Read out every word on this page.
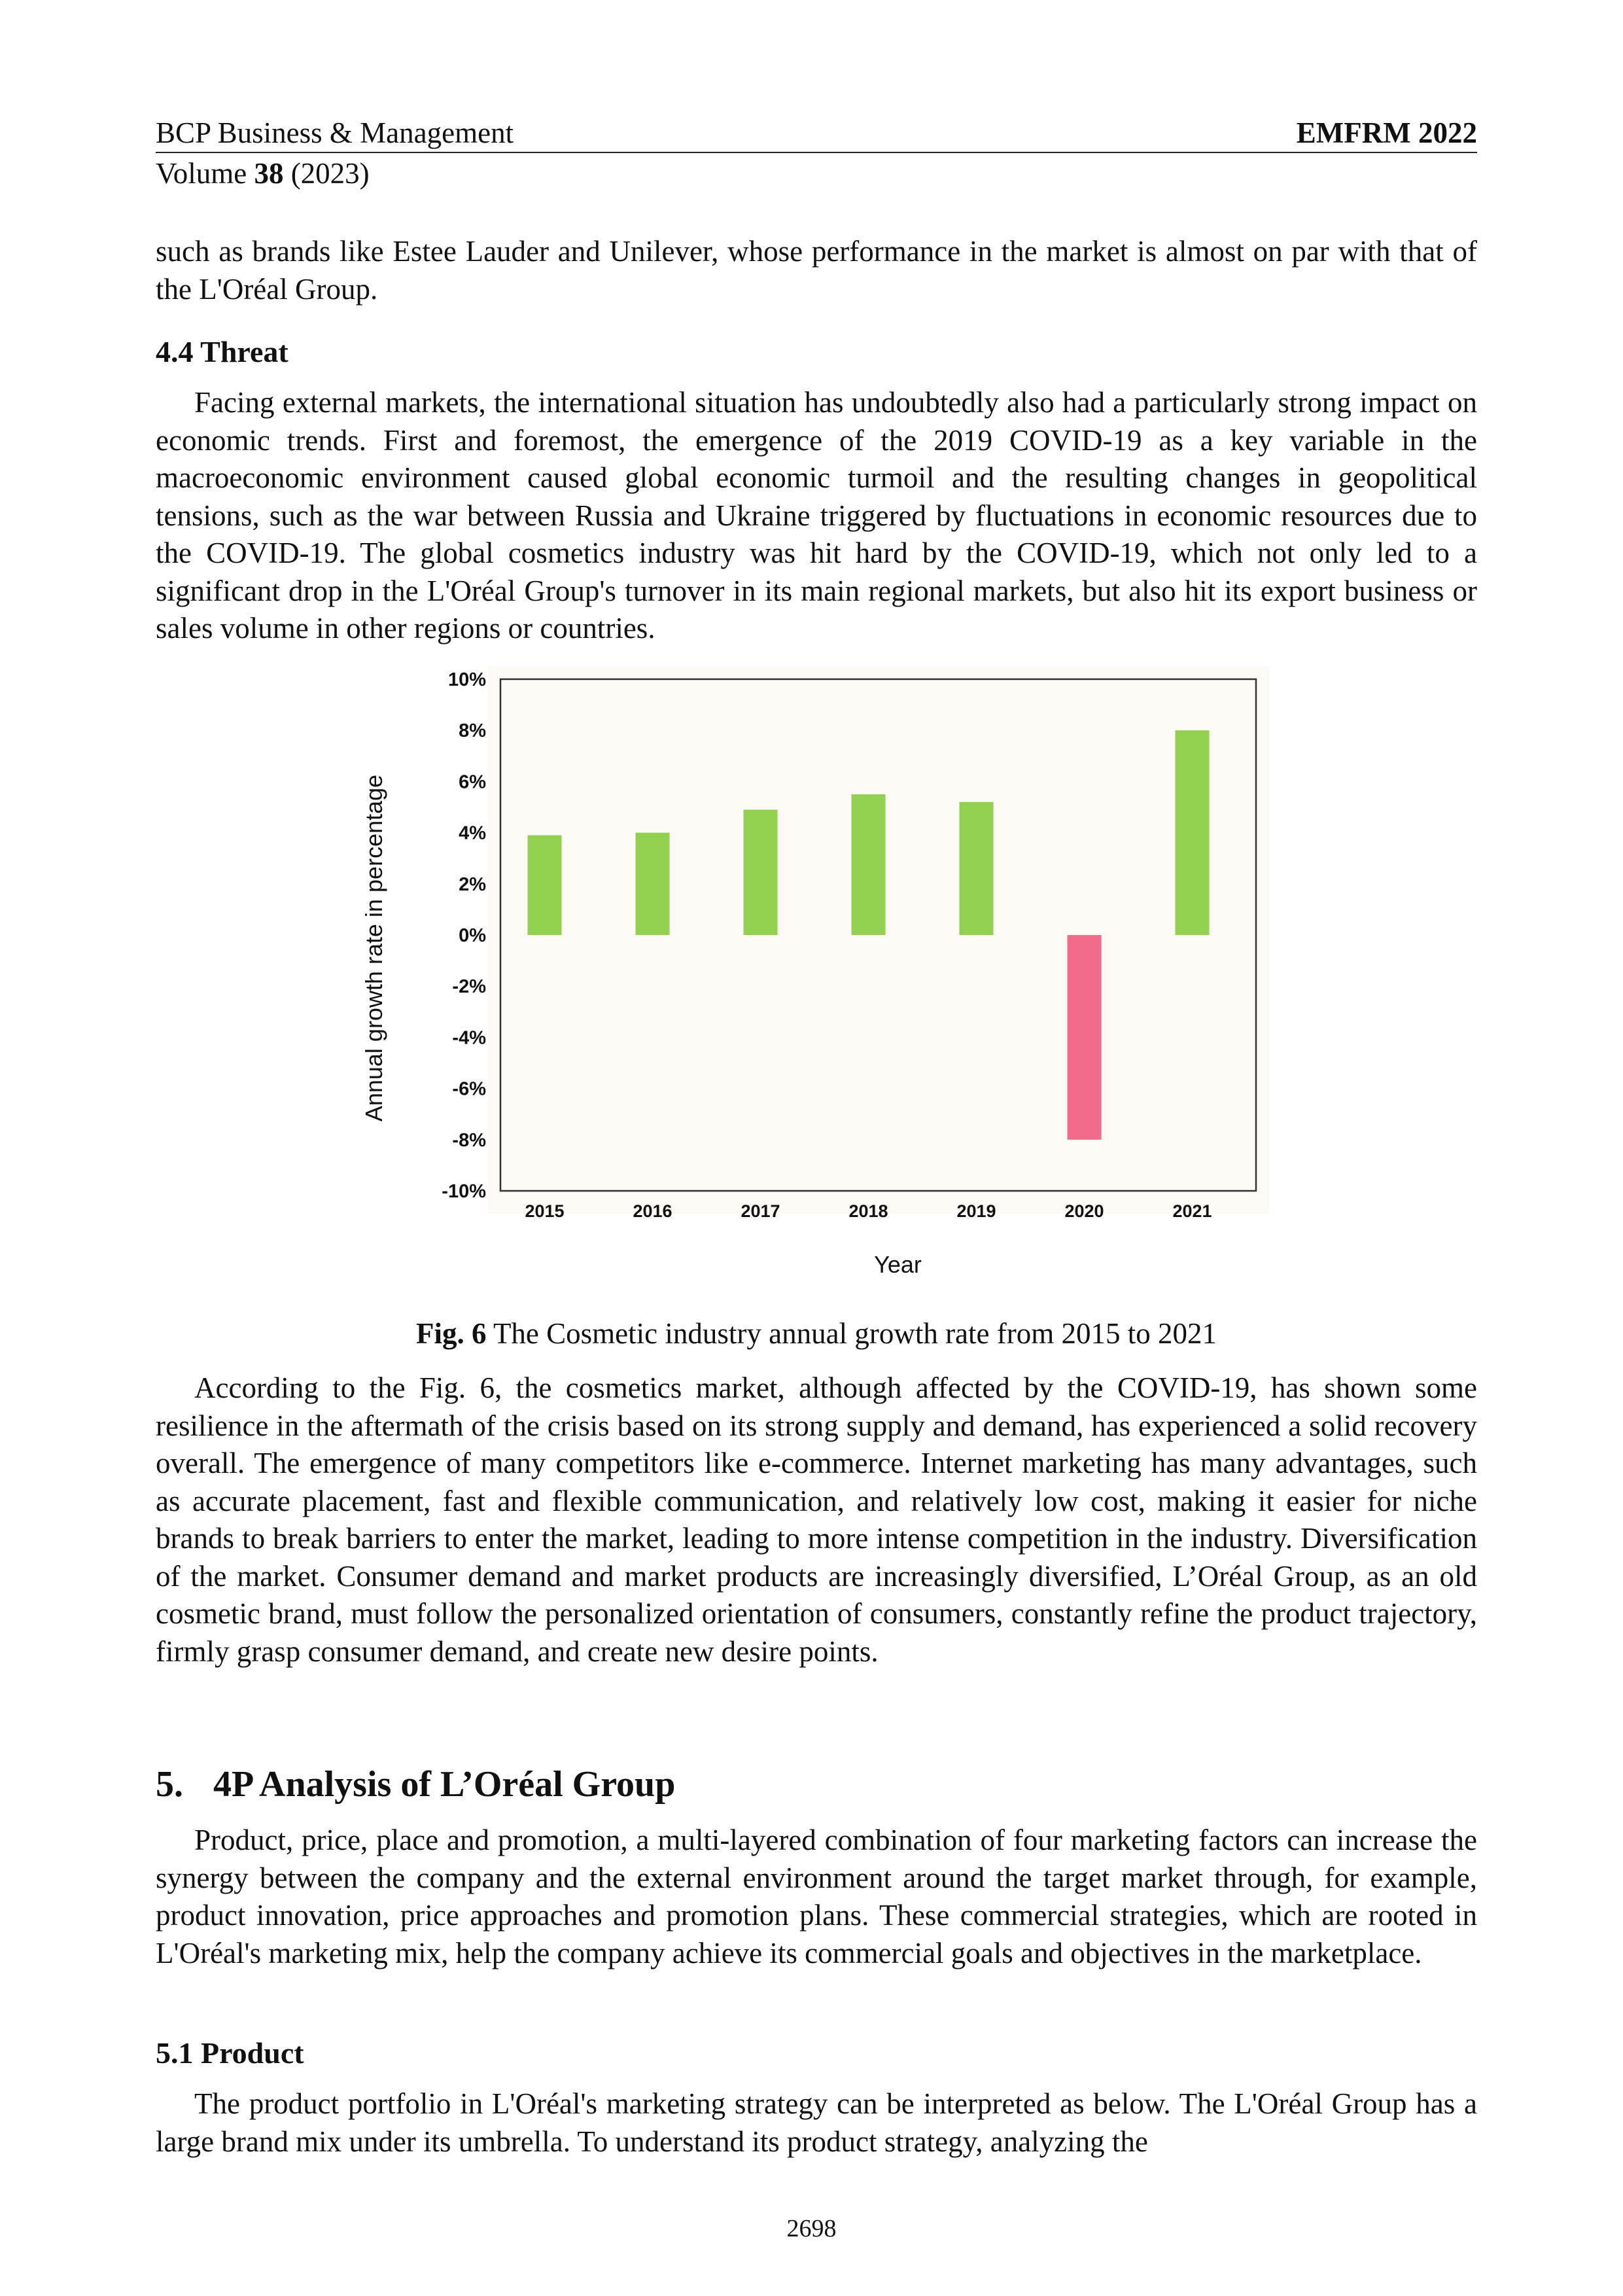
BCP Business & Management	EMFRM 2022
Volume 38 (2023)

such as brands like Estee Lauder and Unilever, whose performance in the market is almost on par with that of the L'Oréal Group.

4.4 Threat

Facing external markets, the international situation has undoubtedly also had a particularly strong impact on economic trends. First and foremost, the emergence of the 2019 COVID-19 as a key variable in the macroeconomic environment caused global economic turmoil and the resulting changes in geopolitical tensions, such as the war between Russia and Ukraine triggered by fluctuations in economic resources due to the COVID-19. The global cosmetics industry was hit hard by the COVID-19, which not only led to a significant drop in the L'Oréal Group's turnover in its main regional markets, but also hit its export business or sales volume in other regions or countries.

10%
8%
6%
4%
2%
0%
-2%
-4%
-6%
-8%
-10%
2015	2016	2017	2018	2019	2020	2021
Annual growth rate in percentage
Year
Fig. 6 The Cosmetic industry annual growth rate from 2015 to 2021

According to the Fig. 6, the cosmetics market, although affected by the COVID-19, has shown some resilience in the aftermath of the crisis based on its strong supply and demand, has experienced a solid recovery overall. The emergence of many competitors like e-commerce. Internet marketing has many advantages, such as accurate placement, fast and flexible communication, and relatively low cost, making it easier for niche brands to break barriers to enter the market, leading to more intense competition in the industry. Diversification of the market. Consumer demand and market products are increasingly diversified, L’Oréal Group, as an old cosmetic brand, must follow the personalized orientation of consumers, constantly refine the product trajectory, firmly grasp consumer demand, and create new desire points.

5. 4P Analysis of L’Oréal Group

Product, price, place and promotion, a multi-layered combination of four marketing factors can increase the synergy between the company and the external environment around the target market through, for example, product innovation, price approaches and promotion plans. These commercial strategies, which are rooted in L'Oréal's marketing mix, help the company achieve its commercial goals and objectives in the marketplace.

5.1 Product

The product portfolio in L'Oréal's marketing strategy can be interpreted as below. The L'Oréal Group has a large brand mix under its umbrella. To understand its product strategy, analyzing the

2698
